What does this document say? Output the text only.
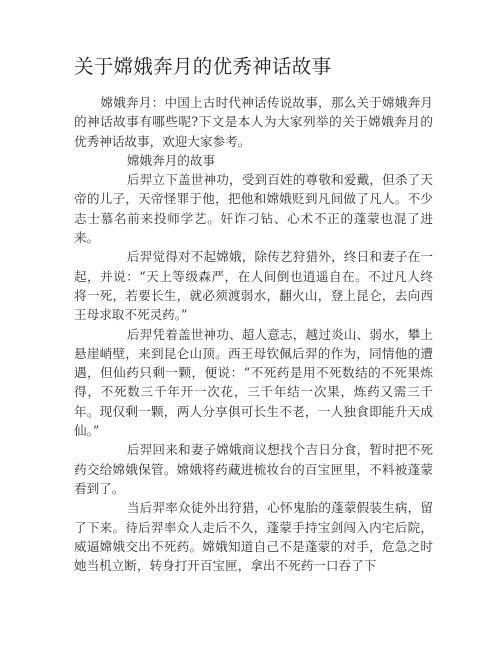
关于嫦娥奔月的优秀神话故事

嫦娥奔月：中国上古时代神话传说故事，那么关于嫦娥奔月的神话故事有哪些呢?下文是本人为大家列举的关于嫦娥奔月的优秀神话故事，欢迎大家参考。

嫦娥奔月的故事

后羿立下盖世神功，受到百姓的尊敬和爱戴，但杀了天帝的儿子，天帝怪罪于他，把他和嫦娥贬到凡间做了凡人。不少志士慕名前来投师学艺。奸诈刁钻、心术不正的蓬蒙也混了进来。

后羿觉得对不起嫦娥，除传艺狩猎外，终日和妻子在一起，并说：“天上等级森严，在人间倒也逍遥自在。不过凡人终将一死，若要长生，就必须渡弱水，翻火山，登上昆仑，去向西王母求取不死灵药。”

后羿凭着盖世神功、超人意志，越过炎山、弱水，攀上悬崖峭壁，来到昆仑山顶。西王母钦佩后羿的作为，同情他的遭遇，但仙药只剩一颗，便说：“不死药是用不死数结的不死果炼得，不死数三千年开一次花，三千年结一次果，炼药又需三千年。现仅剩一颗，两人分享俱可长生不老，一人独食即能升天成仙。”

后羿回来和妻子嫦娥商议想找个吉日分食，暂时把不死药交给嫦娥保管。嫦娥将药藏进梳妆台的百宝匣里，不料被蓬蒙看到了。

当后羿率众徒外出狩猎，心怀鬼胎的蓬蒙假装生病，留了下来。待后羿率众人走后不久，蓬蒙手持宝剑闯入内宅后院，威逼嫦娥交出不死药。嫦娥知道自己不是蓬蒙的对手，危急之时她当机立断，转身打开百宝匣，拿出不死药一口吞了下
